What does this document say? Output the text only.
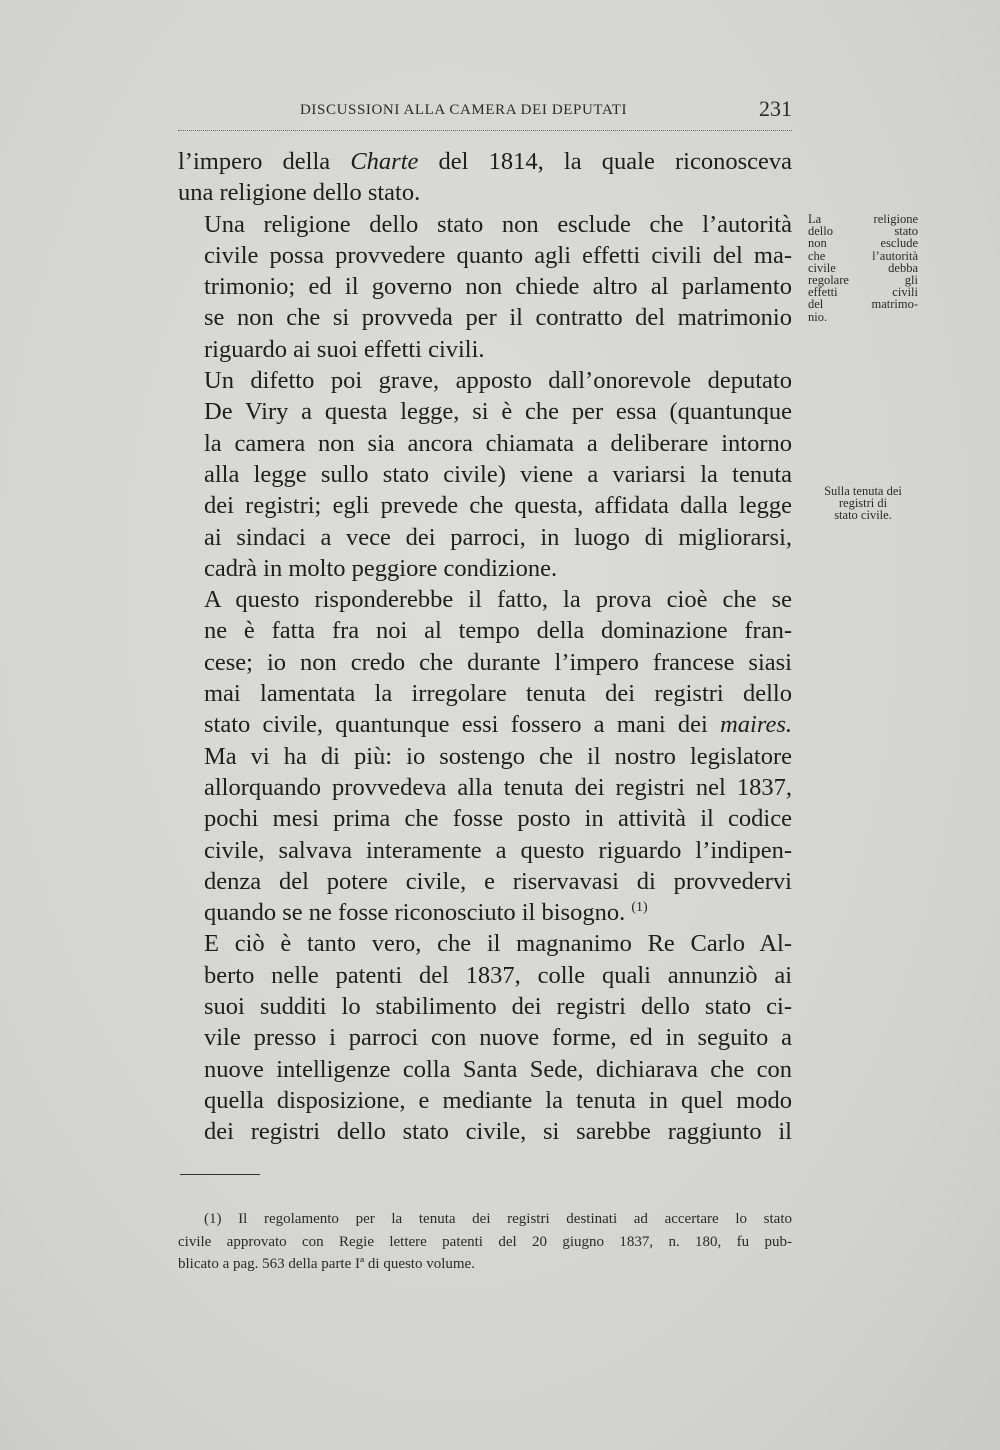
DISCUSSIONI ALLA CAMERA DEI DEPUTATI	231

l’impero della Charte del 1814, la quale riconosceva
una religione dello stato.

Una religione dello stato non esclude che l’autorità
civile possa provvedere quanto agli effetti civili del ma-
trimonio; ed il governo non chiede altro al parlamento
se non che si provveda per il contratto del matrimonio
riguardo ai suoi effetti civili.

Un difetto poi grave, apposto dall’onorevole deputato
De Viry a questa legge, si è che per essa (quantunque
la camera non sia ancora chiamata a deliberare intorno
alla legge sullo stato civile) viene a variarsi la tenuta
dei registri; egli prevede che questa, affidata dalla legge
ai sindaci a vece dei parroci, in luogo di migliorarsi,
cadrà in molto peggiore condizione.

A questo risponderebbe il fatto, la prova cioè che se
ne è fatta fra noi al tempo della dominazione fran-
cese; io non credo che durante l’impero francese siasi
mai lamentata la irregolare tenuta dei registri dello
stato civile, quantunque essi fossero a mani dei maires.
Ma vi ha di più: io sostengo che il nostro legislatore
allorquando provvedeva alla tenuta dei registri nel 1837,
pochi mesi prima che fosse posto in attività il codice
civile, salvava interamente a questo riguardo l’indipen-
denza del potere civile, e riservavasi di provvedervi
quando se ne fosse riconosciuto il bisogno. $^{(1)}$

E ciò è tanto vero, che il magnanimo Re Carlo Al-
berto nelle patenti del 1837, colle quali annunziò ai
suoi sudditi lo stabilimento dei registri dello stato ci-
vile presso i parroci con nuove forme, ed in seguito a
nuove intelligenze colla Santa Sede, dichiarava che con
quella disposizione, e mediante la tenuta in quel modo
dei registri dello stato civile, si sarebbe raggiunto il

La religione
dello stato
non esclude
che l’autorità
civile debba
regolare gli
effetti civili
del matrimo-
nio.
Sulla tenuta dei
registri di
stato civile.
(1) Il regolamento per la tenuta dei registri destinati ad accertare lo stato
civile approvato con Regie lettere patenti del 20 giugno 1837, n. 180, fu pub-
blicato a pag. 563 della parte Iª di questo volume.
